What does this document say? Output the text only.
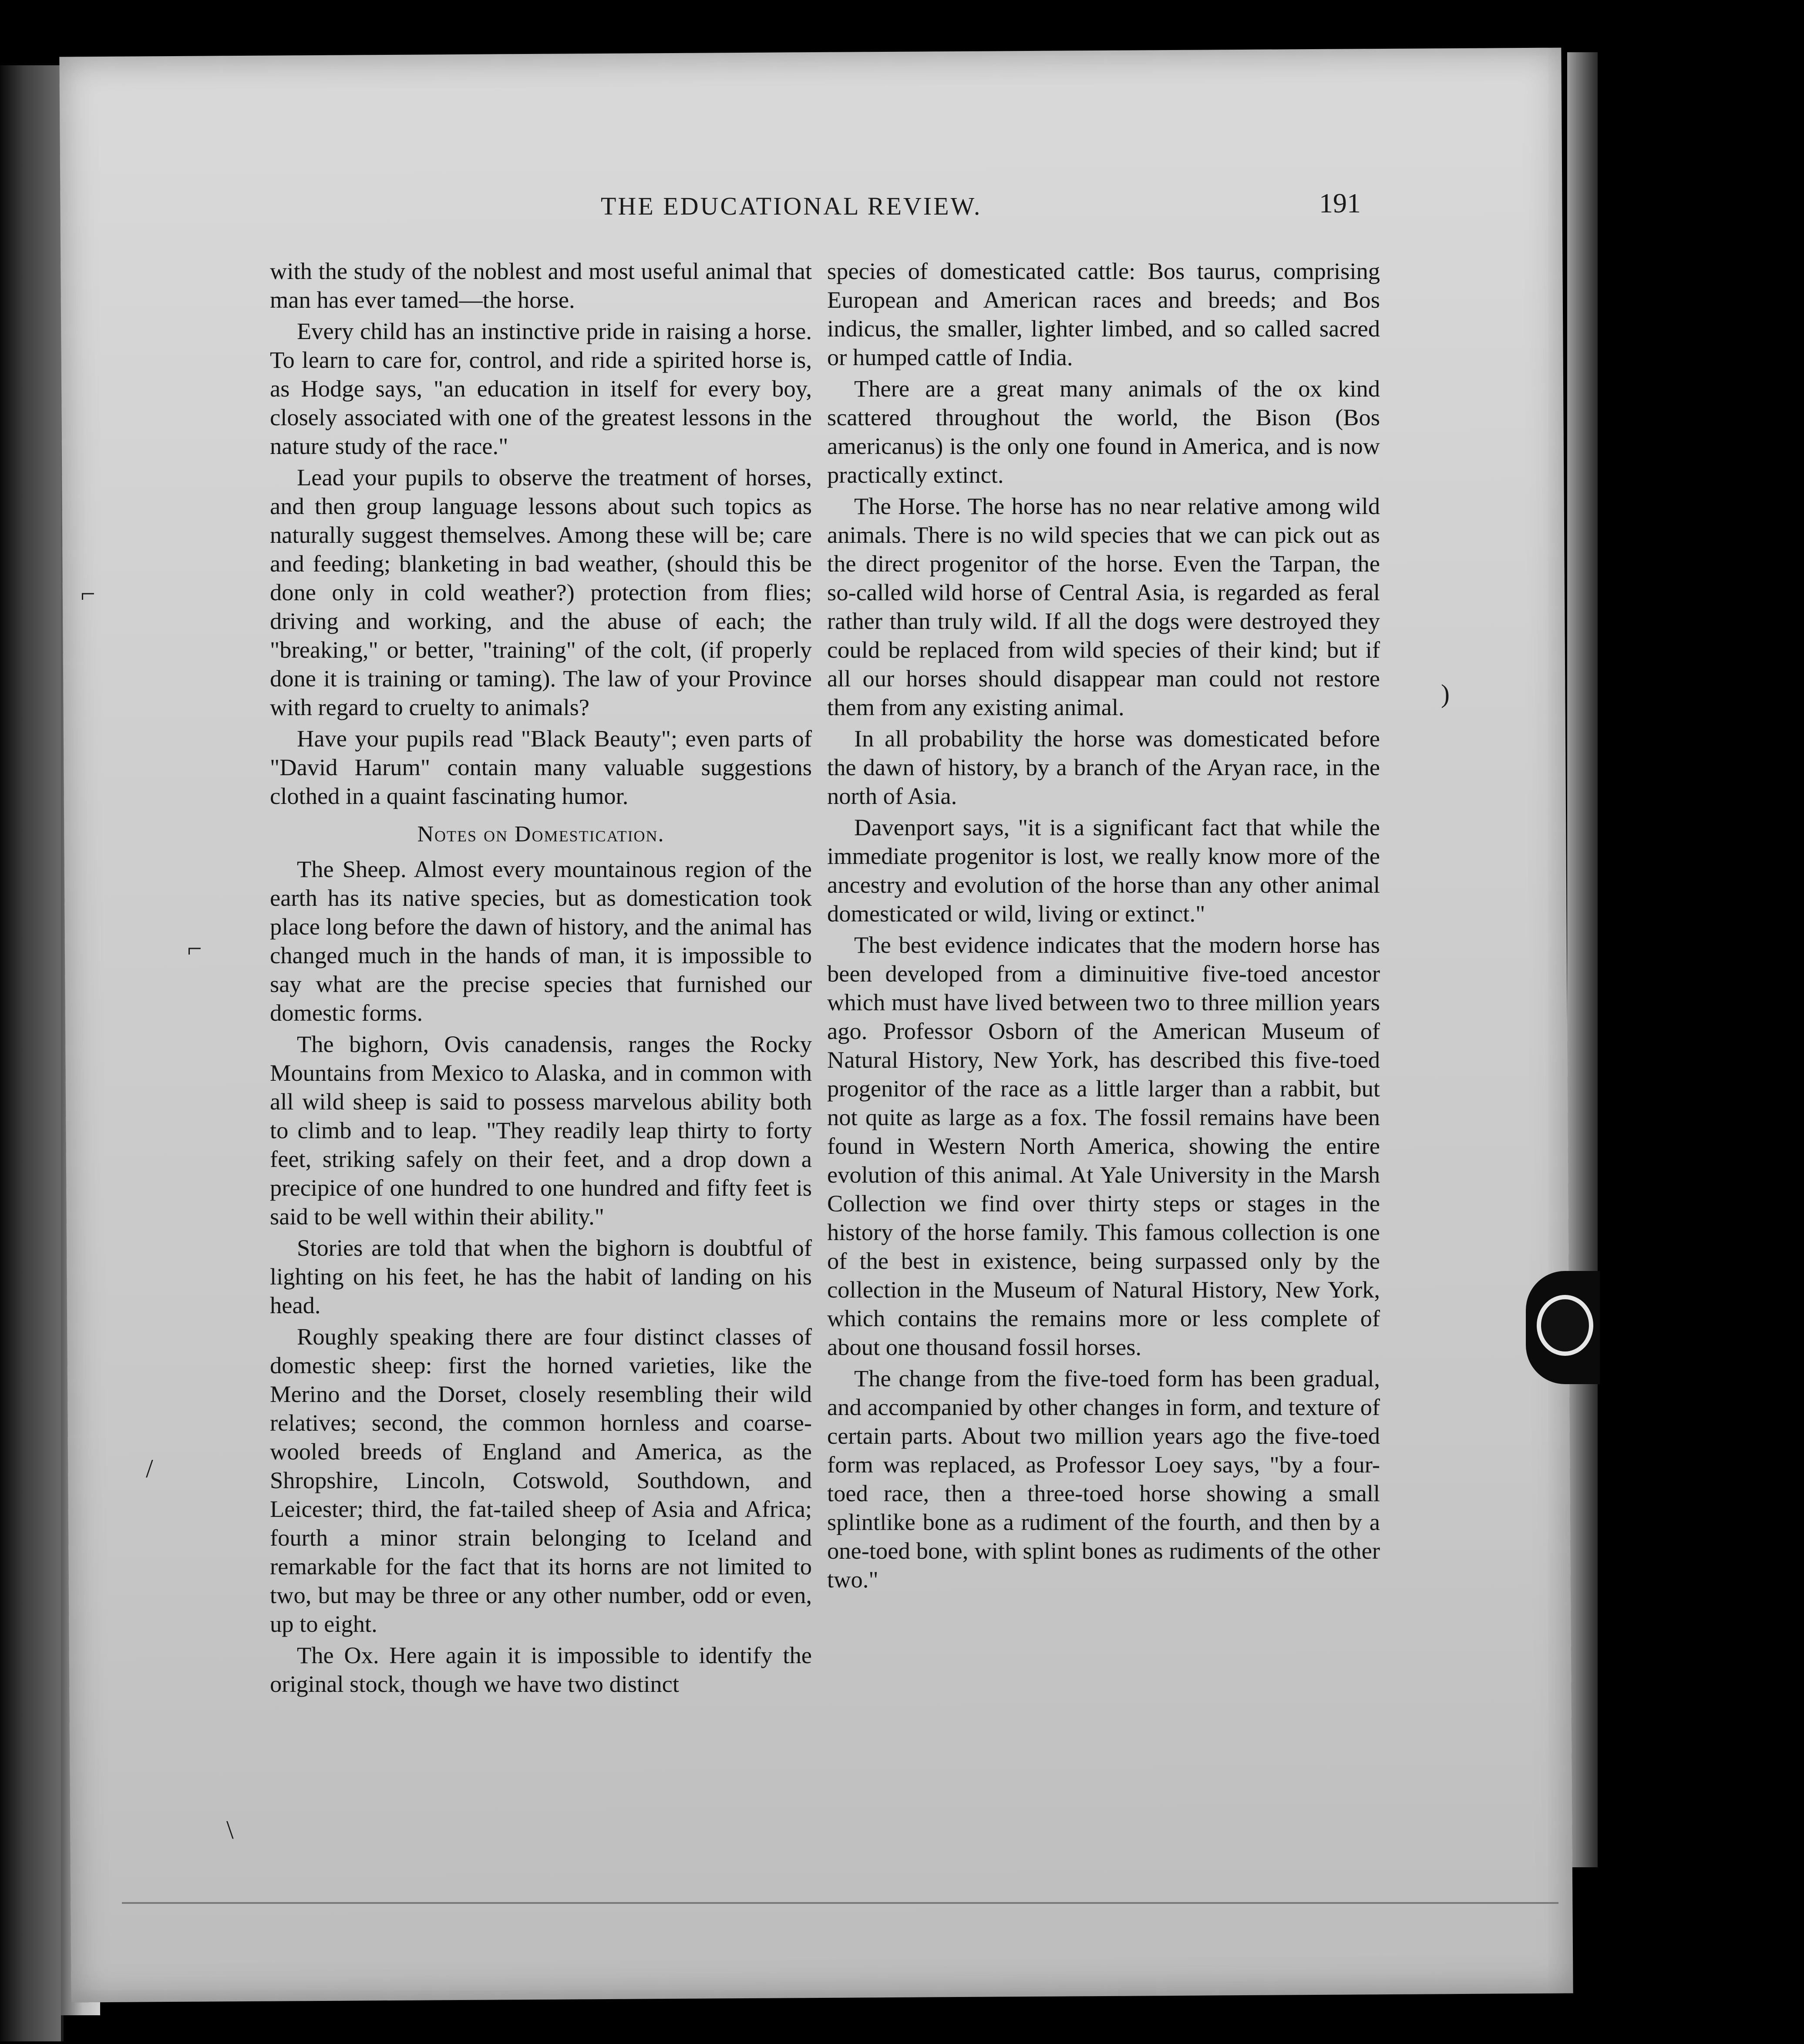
⌐
⌐
/
)
\
THE EDUCATIONAL REVIEW.	191

with the study of the noblest and most useful animal that man has ever tamed—the horse.

Every child has an instinctive pride in raising a horse. To learn to care for, control, and ride a spirited horse is, as Hodge says, "an education in itself for every boy, closely associated with one of the greatest lessons in the nature study of the race."

Lead your pupils to observe the treatment of horses, and then group language lessons about such topics as naturally suggest themselves. Among these will be; care and feeding; blanketing in bad weather, (should this be done only in cold weather?) protection from flies; driving and working, and the abuse of each; the "breaking," or better, "training" of the colt, (if properly done it is training or taming). The law of your Province with regard to cruelty to animals?

Have your pupils read "Black Beauty"; even parts of "David Harum" contain many valuable suggestions clothed in a quaint fascinating humor.

Notes on Domestication.

The Sheep. Almost every mountainous region of the earth has its native species, but as domestication took place long before the dawn of history, and the animal has changed much in the hands of man, it is impossible to say what are the precise species that furnished our domestic forms.

The bighorn, Ovis canadensis, ranges the Rocky Mountains from Mexico to Alaska, and in common with all wild sheep is said to possess marvelous ability both to climb and to leap. "They readily leap thirty to forty feet, striking safely on their feet, and a drop down a precipice of one hundred to one hundred and fifty feet is said to be well within their ability."

Stories are told that when the bighorn is doubtful of lighting on his feet, he has the habit of landing on his head.

Roughly speaking there are four distinct classes of domestic sheep: first the horned varieties, like the Merino and the Dorset, closely resembling their wild relatives; second, the common hornless and coarse-wooled breeds of England and America, as the Shropshire, Lincoln, Cotswold, Southdown, and Leicester; third, the fat-tailed sheep of Asia and Africa; fourth a minor strain belonging to Iceland and remarkable for the fact that its horns are not limited to two, but may be three or any other number, odd or even, up to eight.

The Ox. Here again it is impossible to identify the original stock, though we have two distinct

species of domesticated cattle: Bos taurus, comprising European and American races and breeds; and Bos indicus, the smaller, lighter limbed, and so called sacred or humped cattle of India.

There are a great many animals of the ox kind scattered throughout the world, the Bison (Bos americanus) is the only one found in America, and is now practically extinct.

The Horse. The horse has no near relative among wild animals. There is no wild species that we can pick out as the direct progenitor of the horse. Even the Tarpan, the so-called wild horse of Central Asia, is regarded as feral rather than truly wild. If all the dogs were destroyed they could be replaced from wild species of their kind; but if all our horses should disappear man could not restore them from any existing animal.

In all probability the horse was domesticated before the dawn of history, by a branch of the Aryan race, in the north of Asia.

Davenport says, "it is a significant fact that while the immediate progenitor is lost, we really know more of the ancestry and evolution of the horse than any other animal domesticated or wild, living or extinct."

The best evidence indicates that the modern horse has been developed from a diminuitive five-toed ancestor which must have lived between two to three million years ago. Professor Osborn of the American Museum of Natural History, New York, has described this five-toed progenitor of the race as a little larger than a rabbit, but not quite as large as a fox. The fossil remains have been found in Western North America, showing the entire evolution of this animal. At Yale University in the Marsh Collection we find over thirty steps or stages in the history of the horse family. This famous collection is one of the best in existence, being surpassed only by the collection in the Museum of Natural History, New York, which contains the remains more or less complete of about one thousand fossil horses.

The change from the five-toed form has been gradual, and accompanied by other changes in form, and texture of certain parts. About two million years ago the five-toed form was replaced, as Professor Loey says, "by a four-toed race, then a three-toed horse showing a small splintlike bone as a rudiment of the fourth, and then by a one-toed bone, with splint bones as rudiments of the other two."
